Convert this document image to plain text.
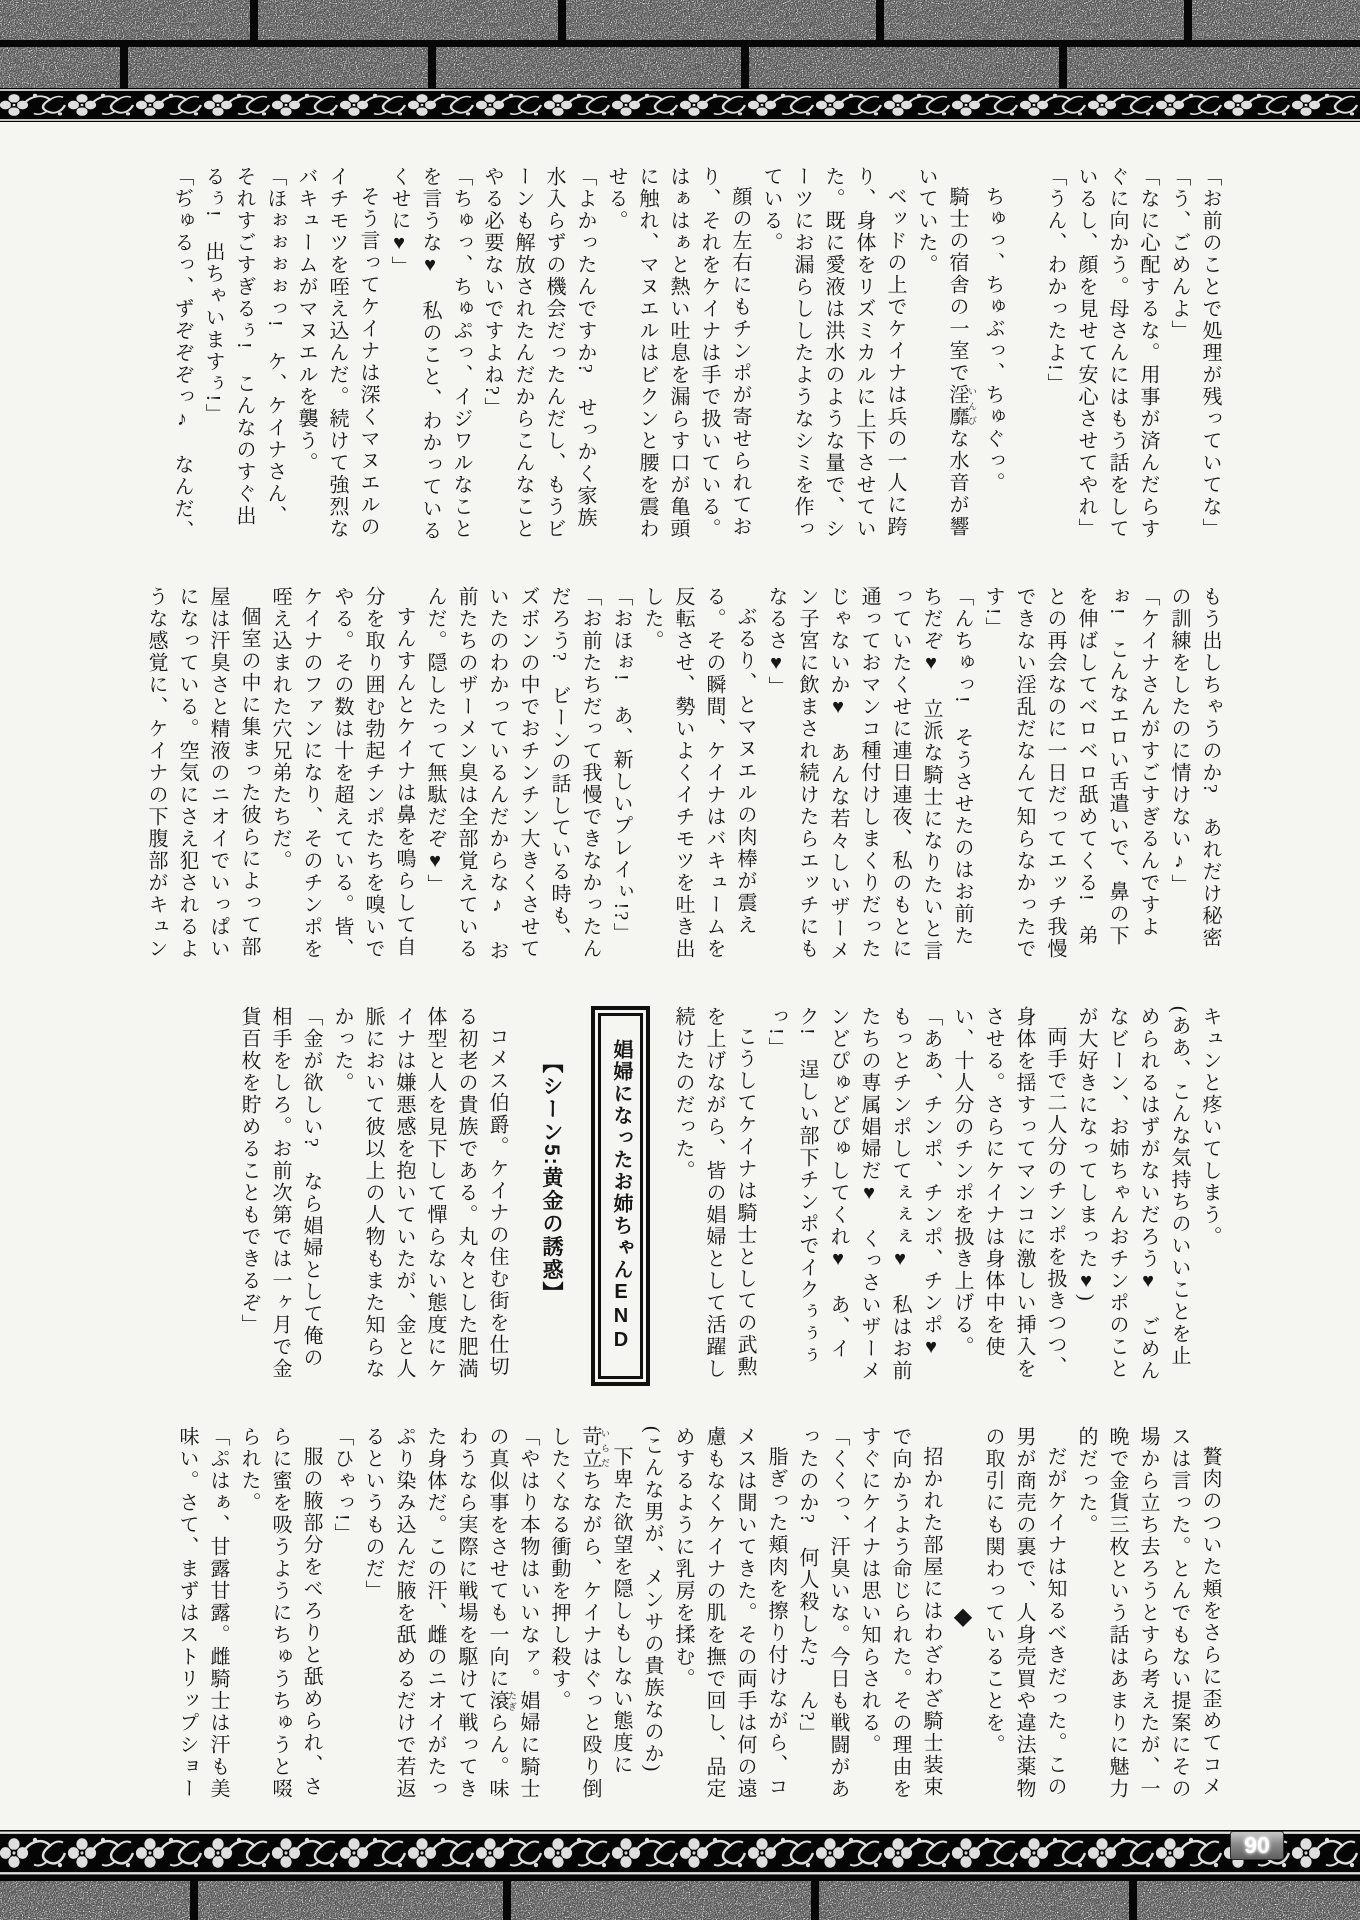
「お前のことで処理が残っていてな」

「う、ごめんよ」

「なに心配するな。用事が済んだらすぐに向かう。母さんにはもう話をしているし、顔を見せて安心させてやれ」

「うん、わかったよ!」

ちゅっ、ちゅぶっ、ちゅぐっ。

騎士の宿舎の一室で淫靡 いんびな水音が響いていた。

ベッドの上でケイナは兵の一人に跨り、身体をリズミカルに上下させていた。既に愛液は洪水のような量で、シーツにお漏らししたようなシミを作っている。

顔の左右にもチンポが寄せられており、それをケイナは手で扱いている。はぁはぁと熱い吐息を漏らす口が亀頭に触れ、マヌエルはビクンと腰を震わせる。

「よかったんですか?　せっかく家族水入らずの機会だったんだし、もうビーンも解放されたんだからこんなことやる必要ないですよね?」

「ちゅっ、ちゅぷっ、イジワルなことを言うな♥　私のこと、わかっているくせに♥」

そう言ってケイナは深くマヌエルのイチモツを咥え込んだ。続けて強烈なバキュームがマヌエルを襲う。

「ほぉぉぉぉっ!　ケ、ケイナさん、それすごすぎるぅ!　こんなのすぐ出るぅ!　出ちゃいますぅ!」

「ぢゅるっ、ずぞぞぞっ♪　なんだ、

もう出しちゃうのか?　あれだけ秘密の訓練をしたのに情けない♪」

「ケイナさんがすごすぎるんですよぉ!　こんなエロい舌遣いで、鼻の下を伸ばしてベロベロ舐めてくる!　弟との再会なのに一日だってエッチ我慢できない淫乱だなんて知らなかったです!」

「んちゅっ!　そうさせたのはお前たちだぞ♥　立派な騎士になりたいと言っていたくせに連日連夜、私のもとに通っておマンコ種付けしまくりだったじゃないか♥　あんな若々しいザーメン子宮に飲まされ続けたらエッチにもなるさ♥」

ぶるり、とマヌエルの肉棒が震える。その瞬間、ケイナはバキュームを反転させ、勢いよくイチモツを吐き出した。

「おほぉ!　あ、新しいプレイぃ!?」

「お前たちだって我慢できなかったんだろう?　ビーンの話している時も、ズボンの中でおチンチン大きくさせていたのわかっているんだからな♪　お前たちのザーメン臭は全部覚えているんだ。隠したって無駄だぞ♥」

すんすんとケイナは鼻を鳴らして自分を取り囲む勃起チンポたちを嗅いでやる。その数は十を超えている。皆、ケイナのファンになり、そのチンポを咥え込まれた穴兄弟たちだ。

個室の中に集まった彼らによって部屋は汗臭さと精液のニオイでいっぱいになっている。空気にさえ犯されるような感覚に、ケイナの下腹部がキュン

キュンと疼いてしまう。

(ああ、こんな気持ちのいいことを止められるはずがないだろう♥　ごめんなビーン、お姉ちゃんおチンポのことが大好きになってしまった♥)

両手で二人分のチンポを扱きつつ、身体を揺すってマンコに激しい挿入をさせる。さらにケイナは身体中を使い、十人分のチンポを扱き上げる。

「ああ、チンポ、チンポ、チンポ♥　もっとチンポしてぇぇぇ♥　私はお前たちの専属娼婦だ♥　くっさいザーメンどぴゅどぴゅしてくれ♥　あ、イク!　逞しい部下チンポでイクぅぅぅっ!」

こうしてケイナは騎士としての武勲を上げながら、皆の娼婦として活躍し続けたのだった。

娼婦になったお姉ちゃんEND

【シーン5:黄金の誘惑】

コメス伯爵。ケイナの住む街を仕切る初老の貴族である。丸々とした肥満体型と人を見下して憚らない態度にケイナは嫌悪感を抱いていたが、金と人脈において彼以上の人物もまた知らなかった。

「金が欲しい?　なら娼婦として俺の相手をしろ。お前次第では一ヶ月で金貨百枚を貯めることもできるぞ」

贅肉のついた頬をさらに歪めてコメスは言った。とんでもない提案にその場から立ち去ろうとすら考えたが、一晩で金貨三枚という話はあまりに魅力的だった。

だがケイナは知るべきだった。この男が商売の裏で、人身売買や違法薬物の取引にも関わっていることを。

◆

招かれた部屋にはわざわざ騎士装束で向かうよう命じられた。その理由をすぐにケイナは思い知らされる。

「くくっ、汗臭いな。今日も戦闘があったのか?　何人殺した?　ん?」

脂ぎった頬肉を擦り付けながら、コメスは聞いてきた。その両手は何の遠慮もなくケイナの肌を撫で回し、品定めするように乳房を揉む。

(こんな男が、メンサの貴族なのか)

下卑た欲望を隠しもしない態度に苛立 いらだちながら、ケイナはぐっと殴り倒したくなる衝動を押し殺す。

「やはり本物はいいなァ。娼婦に騎士の真似事をさせても一向に滾 たぎらん。味わうなら実際に戦場を駆けて戦ってきた身体だ。この汗、雌のニオイがたっぷり染み込んだ腋を舐めるだけで若返るというものだ」

「ひゃっ!」

服の腋部分をべろりと舐められ、さらに蜜を吸うようにちゅうちゅうと啜られた。

「ぷはぁ、甘露甘露。雌騎士は汗も美味い。さて、まずはストリップショー

90
